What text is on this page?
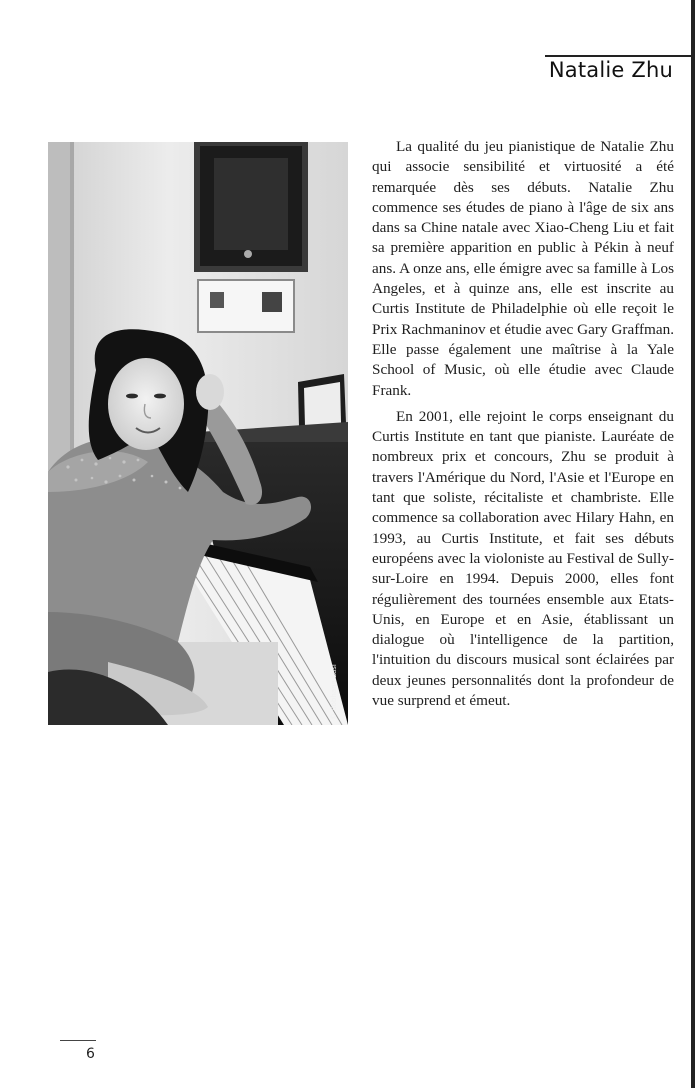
Natalie Zhu
© Sobhana Lusi

La qualité du jeu pianistique de Natalie Zhu qui associe sensibilité et virtuosité a été remarquée dès ses débuts. Natalie Zhu commence ses études de piano à l'âge de six ans dans sa Chine natale avec Xiao-Cheng Liu et fait sa première apparition en public à Pékin à neuf ans. A onze ans, elle émigre avec sa famille à Los Angeles, et à quinze ans, elle est inscrite au Curtis Institute de Philadelphie où elle reçoit le Prix Rachmaninov et étudie avec Gary Graffman. Elle passe également une maîtrise à la Yale School of Music, où elle étudie avec Claude Frank.

En 2001, elle rejoint le corps enseignant du Curtis Institute en tant que pianiste. Lauréate de nombreux prix et concours, Zhu se produit à travers l'Amérique du Nord, l'Asie et l'Europe en tant que soliste, récitaliste et chambriste. Elle commence sa collaboration avec Hilary Hahn, en 1993, au Curtis Institute, et fait ses débuts européens avec la violoniste au Festival de Sully-sur-Loire en 1994. Depuis 2000, elles font régulièrement des tournées ensemble aux Etats-Unis, en Europe et en Asie, établissant un dialogue où l'intelligence de la partition, l'intuition du discours musical sont éclairées par deux jeunes personnalités dont la profondeur de vue surprend et émeut.

6
